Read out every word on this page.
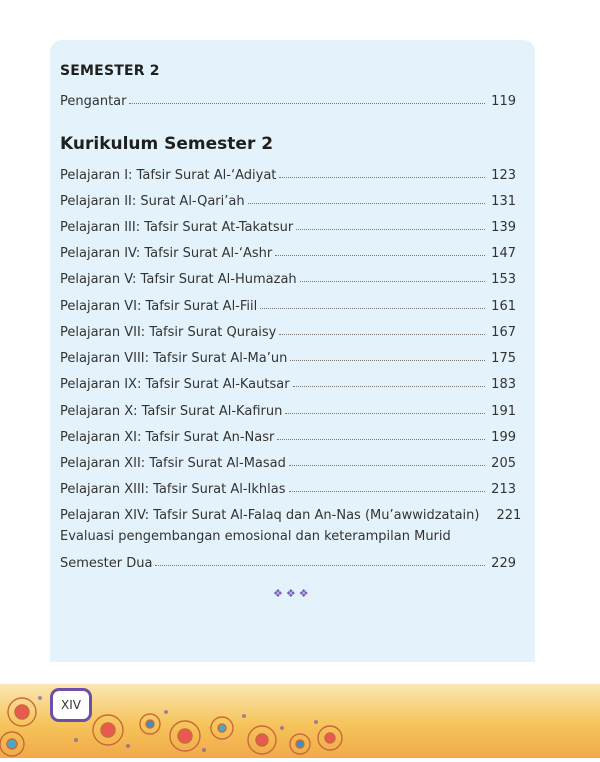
SEMESTER 2
Pengantar	119
Kurikulum Semester 2
Pelajaran I: Tafsir Surat Al-‘Adiyat	123
Pelajaran II: Surat Al-Qari’ah	131
Pelajaran III: Tafsir Surat At-Takatsur	139
Pelajaran IV: Tafsir Surat Al-‘Ashr	147
Pelajaran V: Tafsir Surat Al-Humazah	153
Pelajaran VI: Tafsir Surat Al-Fiil	161
Pelajaran VII: Tafsir Surat Quraisy	167
Pelajaran VIII: Tafsir Surat Al-Ma’un	175
Pelajaran IX: Tafsir Surat Al-Kautsar	183
Pelajaran X: Tafsir Surat Al-Kafirun	191
Pelajaran XI: Tafsir Surat An-Nasr	199
Pelajaran XII: Tafsir Surat Al-Masad	205
Pelajaran XIII: Tafsir Surat Al-Ikhlas	213
Pelajaran XIV: Tafsir Surat Al-Falaq dan An-Nas (Mu’awwidzatain)	221
Evaluasi pengembangan emosional dan keterampilan Murid
Semester Dua	229
❖❖❖
XIV
